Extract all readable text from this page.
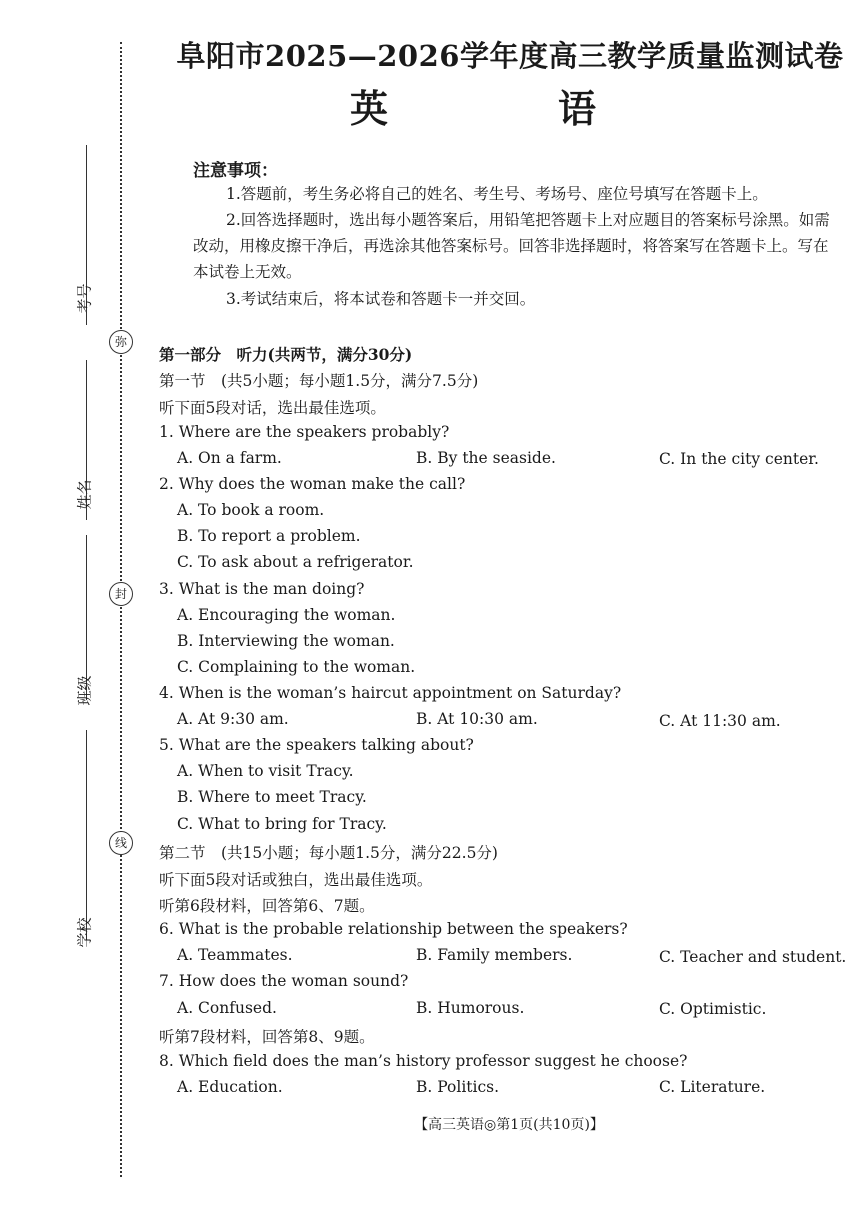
考号
弥
姓名
封
班级
线
学校
阜阳市2025—2026学年度高三教学质量监测试卷
英　语
注意事项：
1.答题前，考生务必将自己的姓名、考生号、考场号、座位号填写在答题卡上。
2.回答选择题时，选出每小题答案后，用铅笔把答题卡上对应题目的答案标号涂黑。如需改动，用橡皮擦干净后，再选涂其他答案标号。回答非选择题时，将答案写在答题卡上。写在本试卷上无效。
3.考试结束后，将本试卷和答题卡一并交回。
第一部分　听力(共两节，满分30分)
第一节　(共5小题；每小题1.5分，满分7.5分)
听下面5段对话，选出最佳选项。
1. Where are the speakers probably?
A. On a farm.	B. By the seaside.	C. In the city center.
2. Why does the woman make the call?
A. To book a room.
B. To report a problem.
C. To ask about a refrigerator.
3. What is the man doing?
A. Encouraging the woman.
B. Interviewing the woman.
C. Complaining to the woman.
4. When is the woman’s haircut appointment on Saturday?
A. At 9:30 am.	B. At 10:30 am.	C. At 11:30 am.
5. What are the speakers talking about?
A. When to visit Tracy.
B. Where to meet Tracy.
C. What to bring for Tracy.
第二节　(共15小题；每小题1.5分，满分22.5分)
听下面5段对话或独白，选出最佳选项。
听第6段材料，回答第6、7题。
6. What is the probable relationship between the speakers?
A. Teammates.	B. Family members.	C. Teacher and student.
7. How does the woman sound?
A. Confused.	B. Humorous.	C. Optimistic.
听第7段材料，回答第8、9题。
8. Which field does the man’s history professor suggest he choose?
A. Education.	B. Politics.	C. Literature.
【高三英语◎第1页(共10页)】
